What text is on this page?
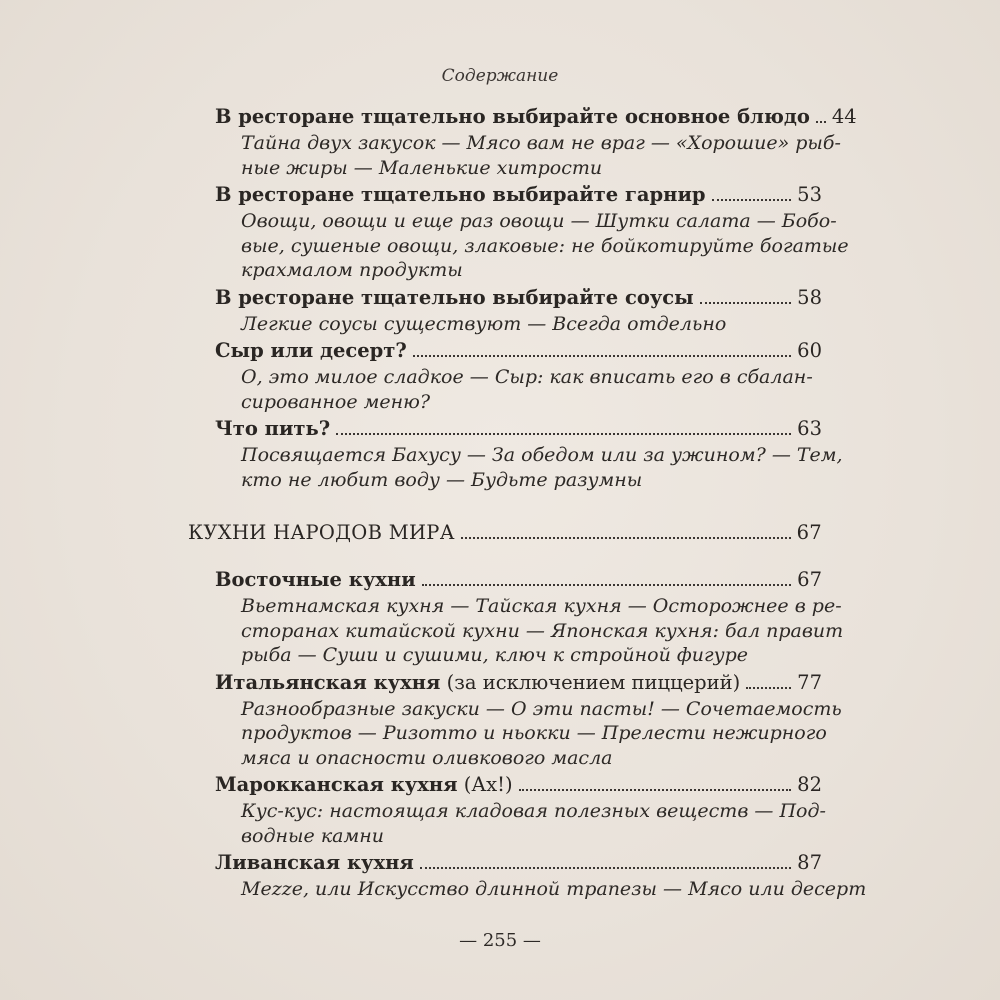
Содержание
В ресторане тщательно выбирайте основное блюдо 44
Тайна двух закусок — Мясо вам не враг — «Хорошие» рыб-
ные жиры — Маленькие хитрости
В ресторане тщательно выбирайте гарнир	53
Овощи, овощи и еще раз овощи — Шутки салата — Бобо-
вые, сушеные овощи, злаковые: не бойкотируйте богатые
крахмалом продукты
В ресторане тщательно выбирайте соусы	58
Легкие соусы существуют — Всегда отдельно
Сыр или десерт?	60
О, это милое сладкое — Сыр: как вписать его в сбалан-
сированное меню?
Что пить?	63
Посвящается Бахусу — За обедом или за ужином? — Тем,
кто не любит воду — Будьте разумны
КУХНИ НАРОДОВ МИРА	67
Восточные кухни	67
Вьетнамская кухня — Тайская кухня — Осторожнее в ре-
сторанах китайской кухни — Японская кухня: бал правит
рыба — Суши и сушими, ключ к стройной фигуре
Итальянская кухня (за исключением пиццерий)	77
Разнообразные закуски — О эти пасты! — Сочетаемость
продуктов — Ризотто и ньокки — Прелести нежирного
мяса и опасности оливкового масла
Марокканская кухня (Ах!)	82
Кус-кус: настоящая кладовая полезных веществ — Под-
водные камни
Ливанская кухня	87
Mezze, или Искусство длинной трапезы — Мясо или десерт
— 255 —
